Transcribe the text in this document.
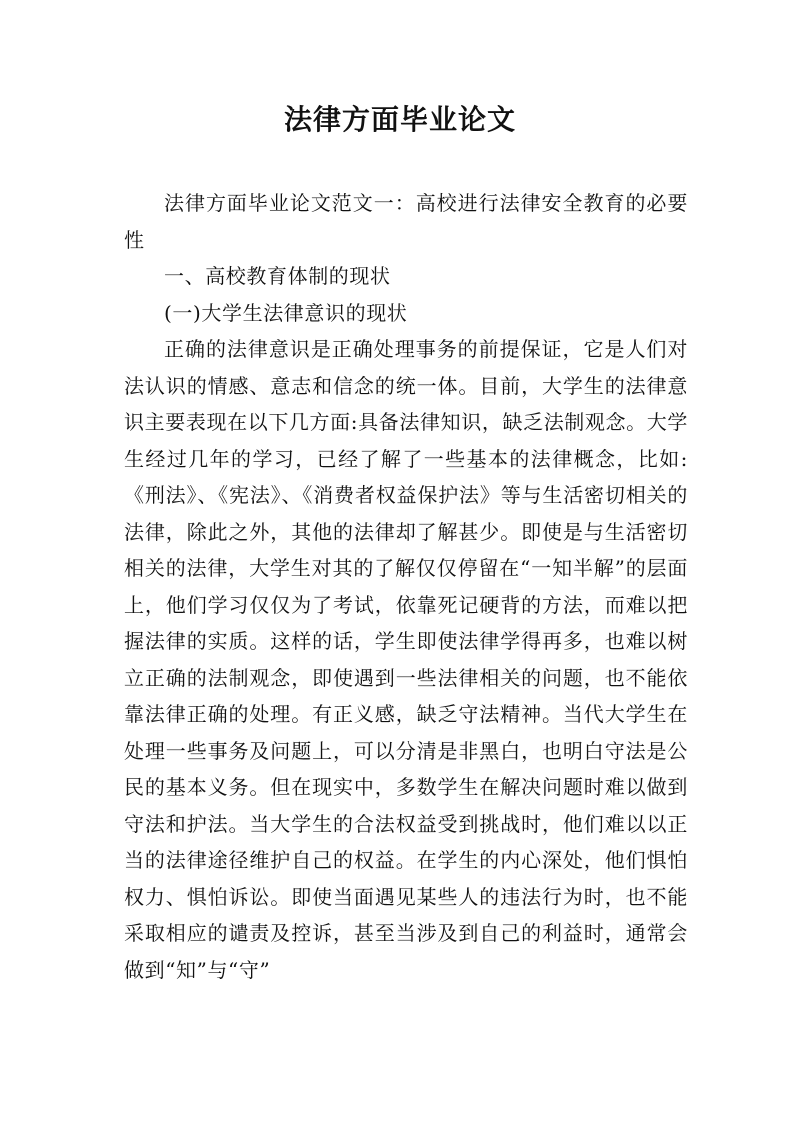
法律方面毕业论文

法律方面毕业论文范文一：高校进行法律安全教育的必要性

一、高校教育体制的现状

(一)大学生法律意识的现状

正确的法律意识是正确处理事务的前提保证，它是人们对法认识的情感、意志和信念的统一体。目前，大学生的法律意识主要表现在以下几方面:具备法律知识，缺乏法制观念。大学生经过几年的学习，已经了解了一些基本的法律概念，比如:《刑法》、《宪法》、《消费者权益保护法》等与生活密切相关的法律，除此之外，其他的法律却了解甚少。即使是与生活密切相关的法律，大学生对其的了解仅仅停留在“一知半解”的层面上，他们学习仅仅为了考试，依靠死记硬背的方法，而难以把握法律的实质。这样的话，学生即使法律学得再多，也难以树立正确的法制观念，即使遇到一些法律相关的问题，也不能依靠法律正确的处理。有正义感，缺乏守法精神。当代大学生在处理一些事务及问题上，可以分清是非黑白，也明白守法是公民的基本义务。但在现实中，多数学生在解决问题时难以做到守法和护法。当大学生的合法权益受到挑战时，他们难以以正当的法律途径维护自己的权益。在学生的内心深处，他们惧怕权力、惧怕诉讼。即使当面遇见某些人的违法行为时，也不能采取相应的谴责及控诉，甚至当涉及到自己的利益时，通常会做到“知”与“守”
